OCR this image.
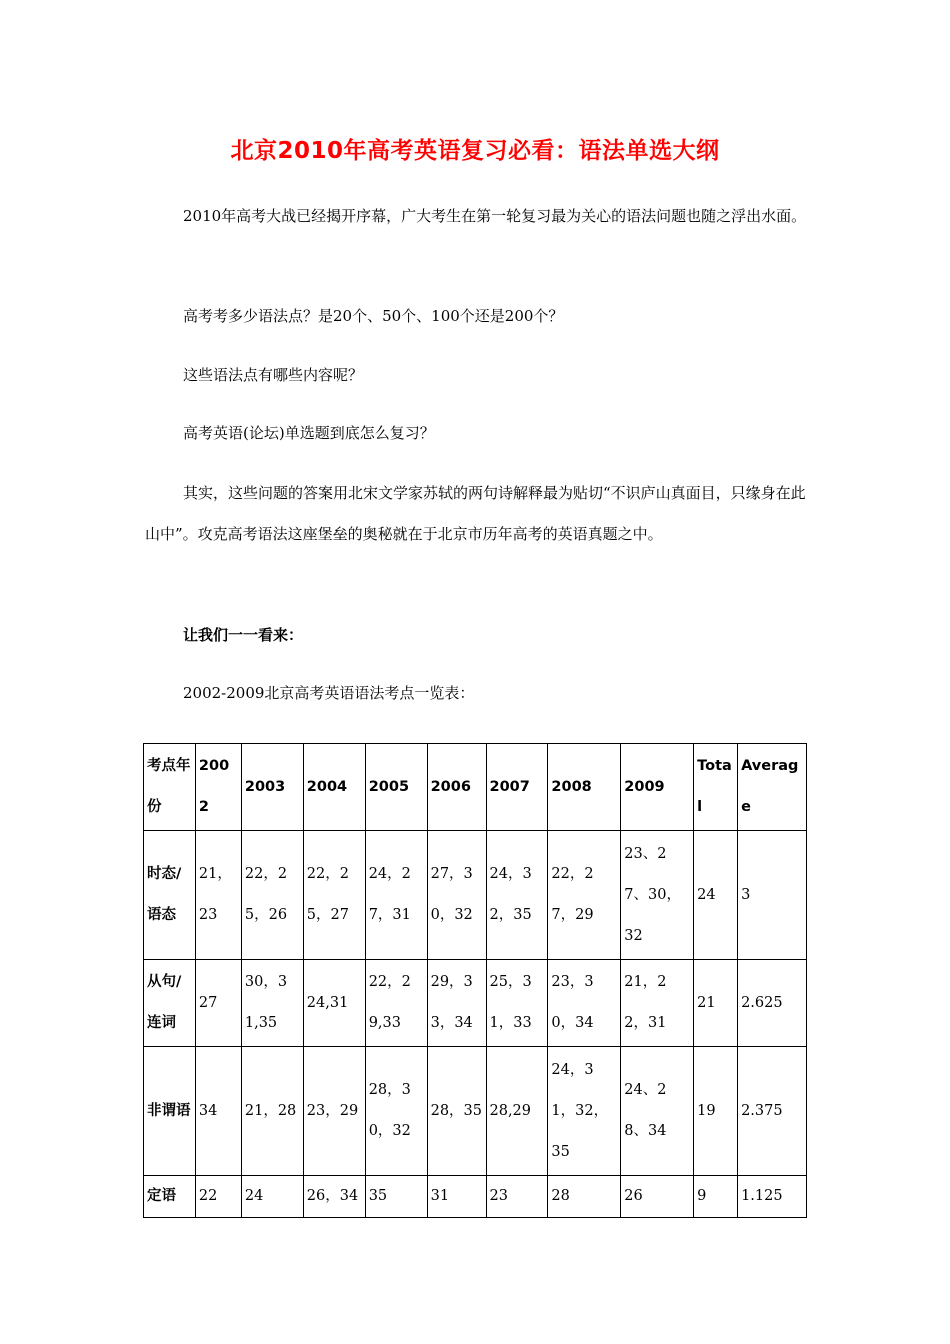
北京2010年高考英语复习必看：语法单选大纲
2010年高考大战已经揭开序幕，广大考生在第一轮复习最为关心的语法问题也随之浮出水面。
高考考多少语法点？是20个、50个、100个还是200个？
这些语法点有哪些内容呢？
高考英语(论坛)单选题到底怎么复习？
其实，这些问题的答案用北宋文学家苏轼的两句诗解释最为贴切“不识庐山真面目，只缘身在此山中”。攻克高考语法这座堡垒的奥秘就在于北京市历年高考的英语真题之中。
让我们一一看来：
2002-2009北京高考英语语法考点一览表：
考点年份	2002	2003	2004	2005	2006	2007	2008	2009	Total	Average
时态/语态	21，23	22，25，26	22，25，27	24，27，31	27，30，32	24，32，35	22，27，29	23、27、30，32	24	3
从句/连词	27	30，31,35	24,31	22，29,33	29，33，34	25，31，33	23，30，34	21，22，31	21	2.625
非谓语	34	21，28	23，29	28，30，32	28，35	28,29	24，31，32，35	24、28、34	19	2.375
定语	22	24	26，34	35	31	23	28	26	9	1.125
